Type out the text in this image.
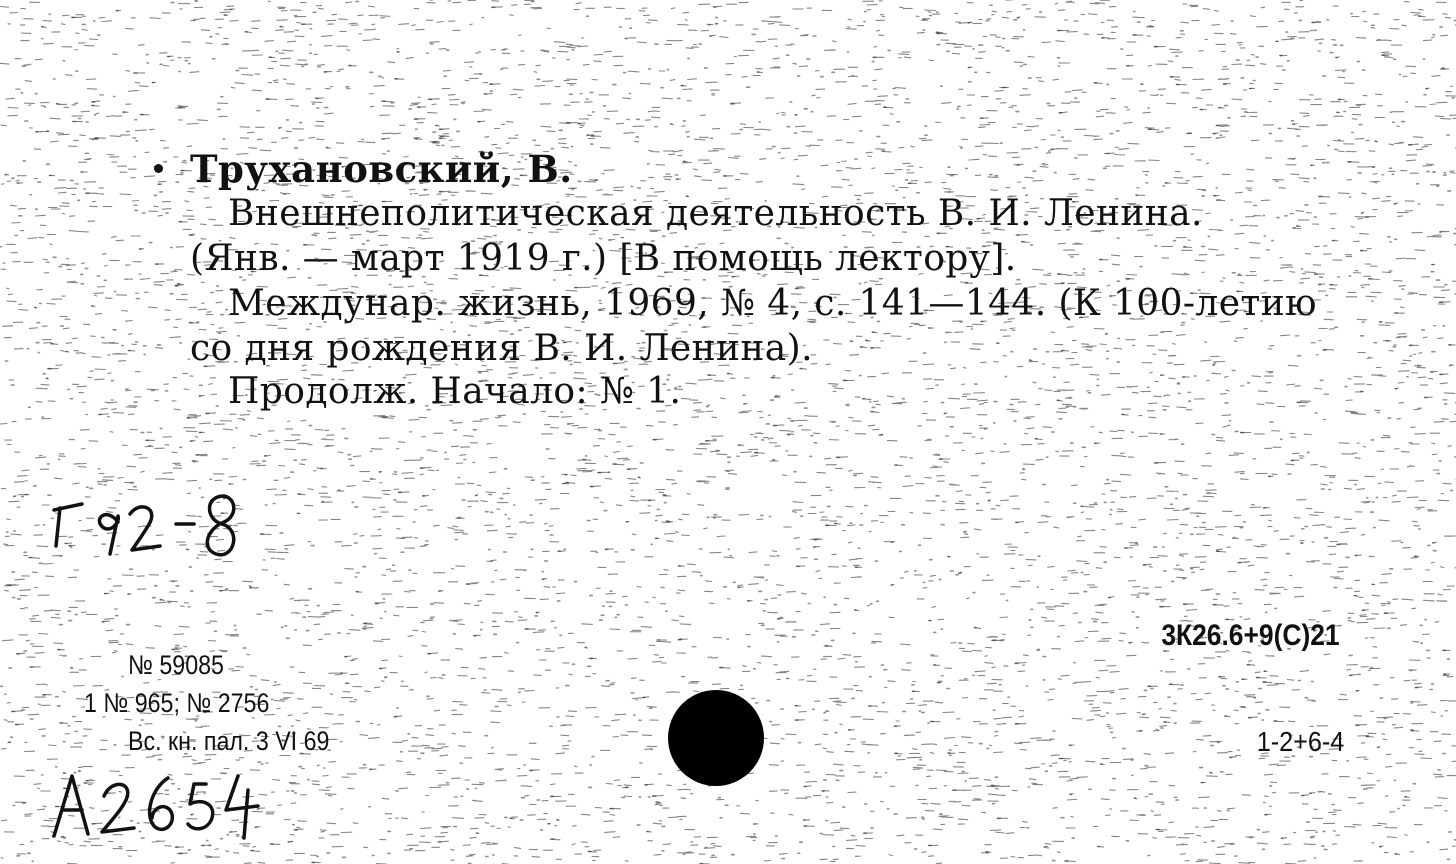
Трухановский, В.
Внешнеполитическая деятельность В. И. Ленина.
(Янв. — март 1919 г.) [В помощь лектору].
Междунар. жизнь, 1969, № 4, с. 141—144. (К 100-летию
со дня рождения В. И. Ленина).
Продолж. Начало: № 1.
№ 59085
1 № 965; № 2756
Вс. кн. пал. 3 VI 69
3К26.6+9(С)21
1-2+6-4
